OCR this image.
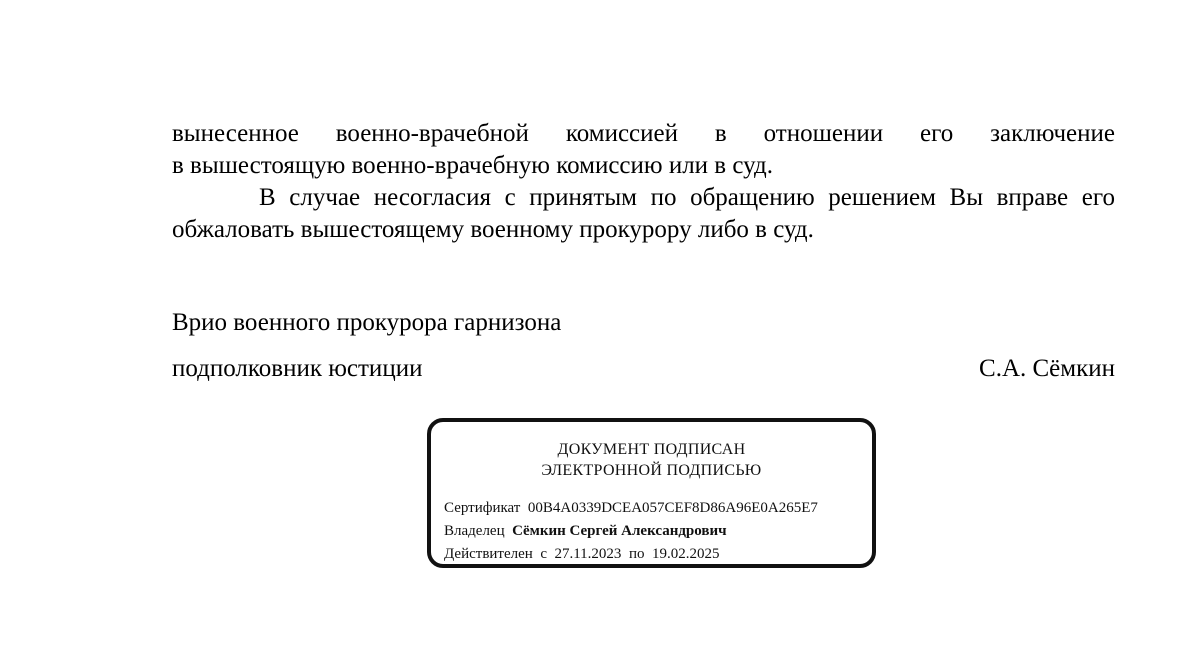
вынесенное военно-врачебной комиссией в отношении его заключение
в вышестоящую военно-врачебную комиссию или в суд.
В случае несогласия с принятым по обращению решением Вы вправе его
обжаловать вышестоящему военному прокурору либо в суд.
Врио военного прокурора гарнизона
подполковник юстиции	С.А. Сёмкин
ДОКУМЕНТ ПОДПИСАН
ЭЛЕКТРОННОЙ ПОДПИСЬЮ
Сертификат 00B4A0339DCEA057CEF8D86A96E0A265E7
Владелец Сёмкин Сергей Александрович
Действителен с 27.11.2023 по 19.02.2025
